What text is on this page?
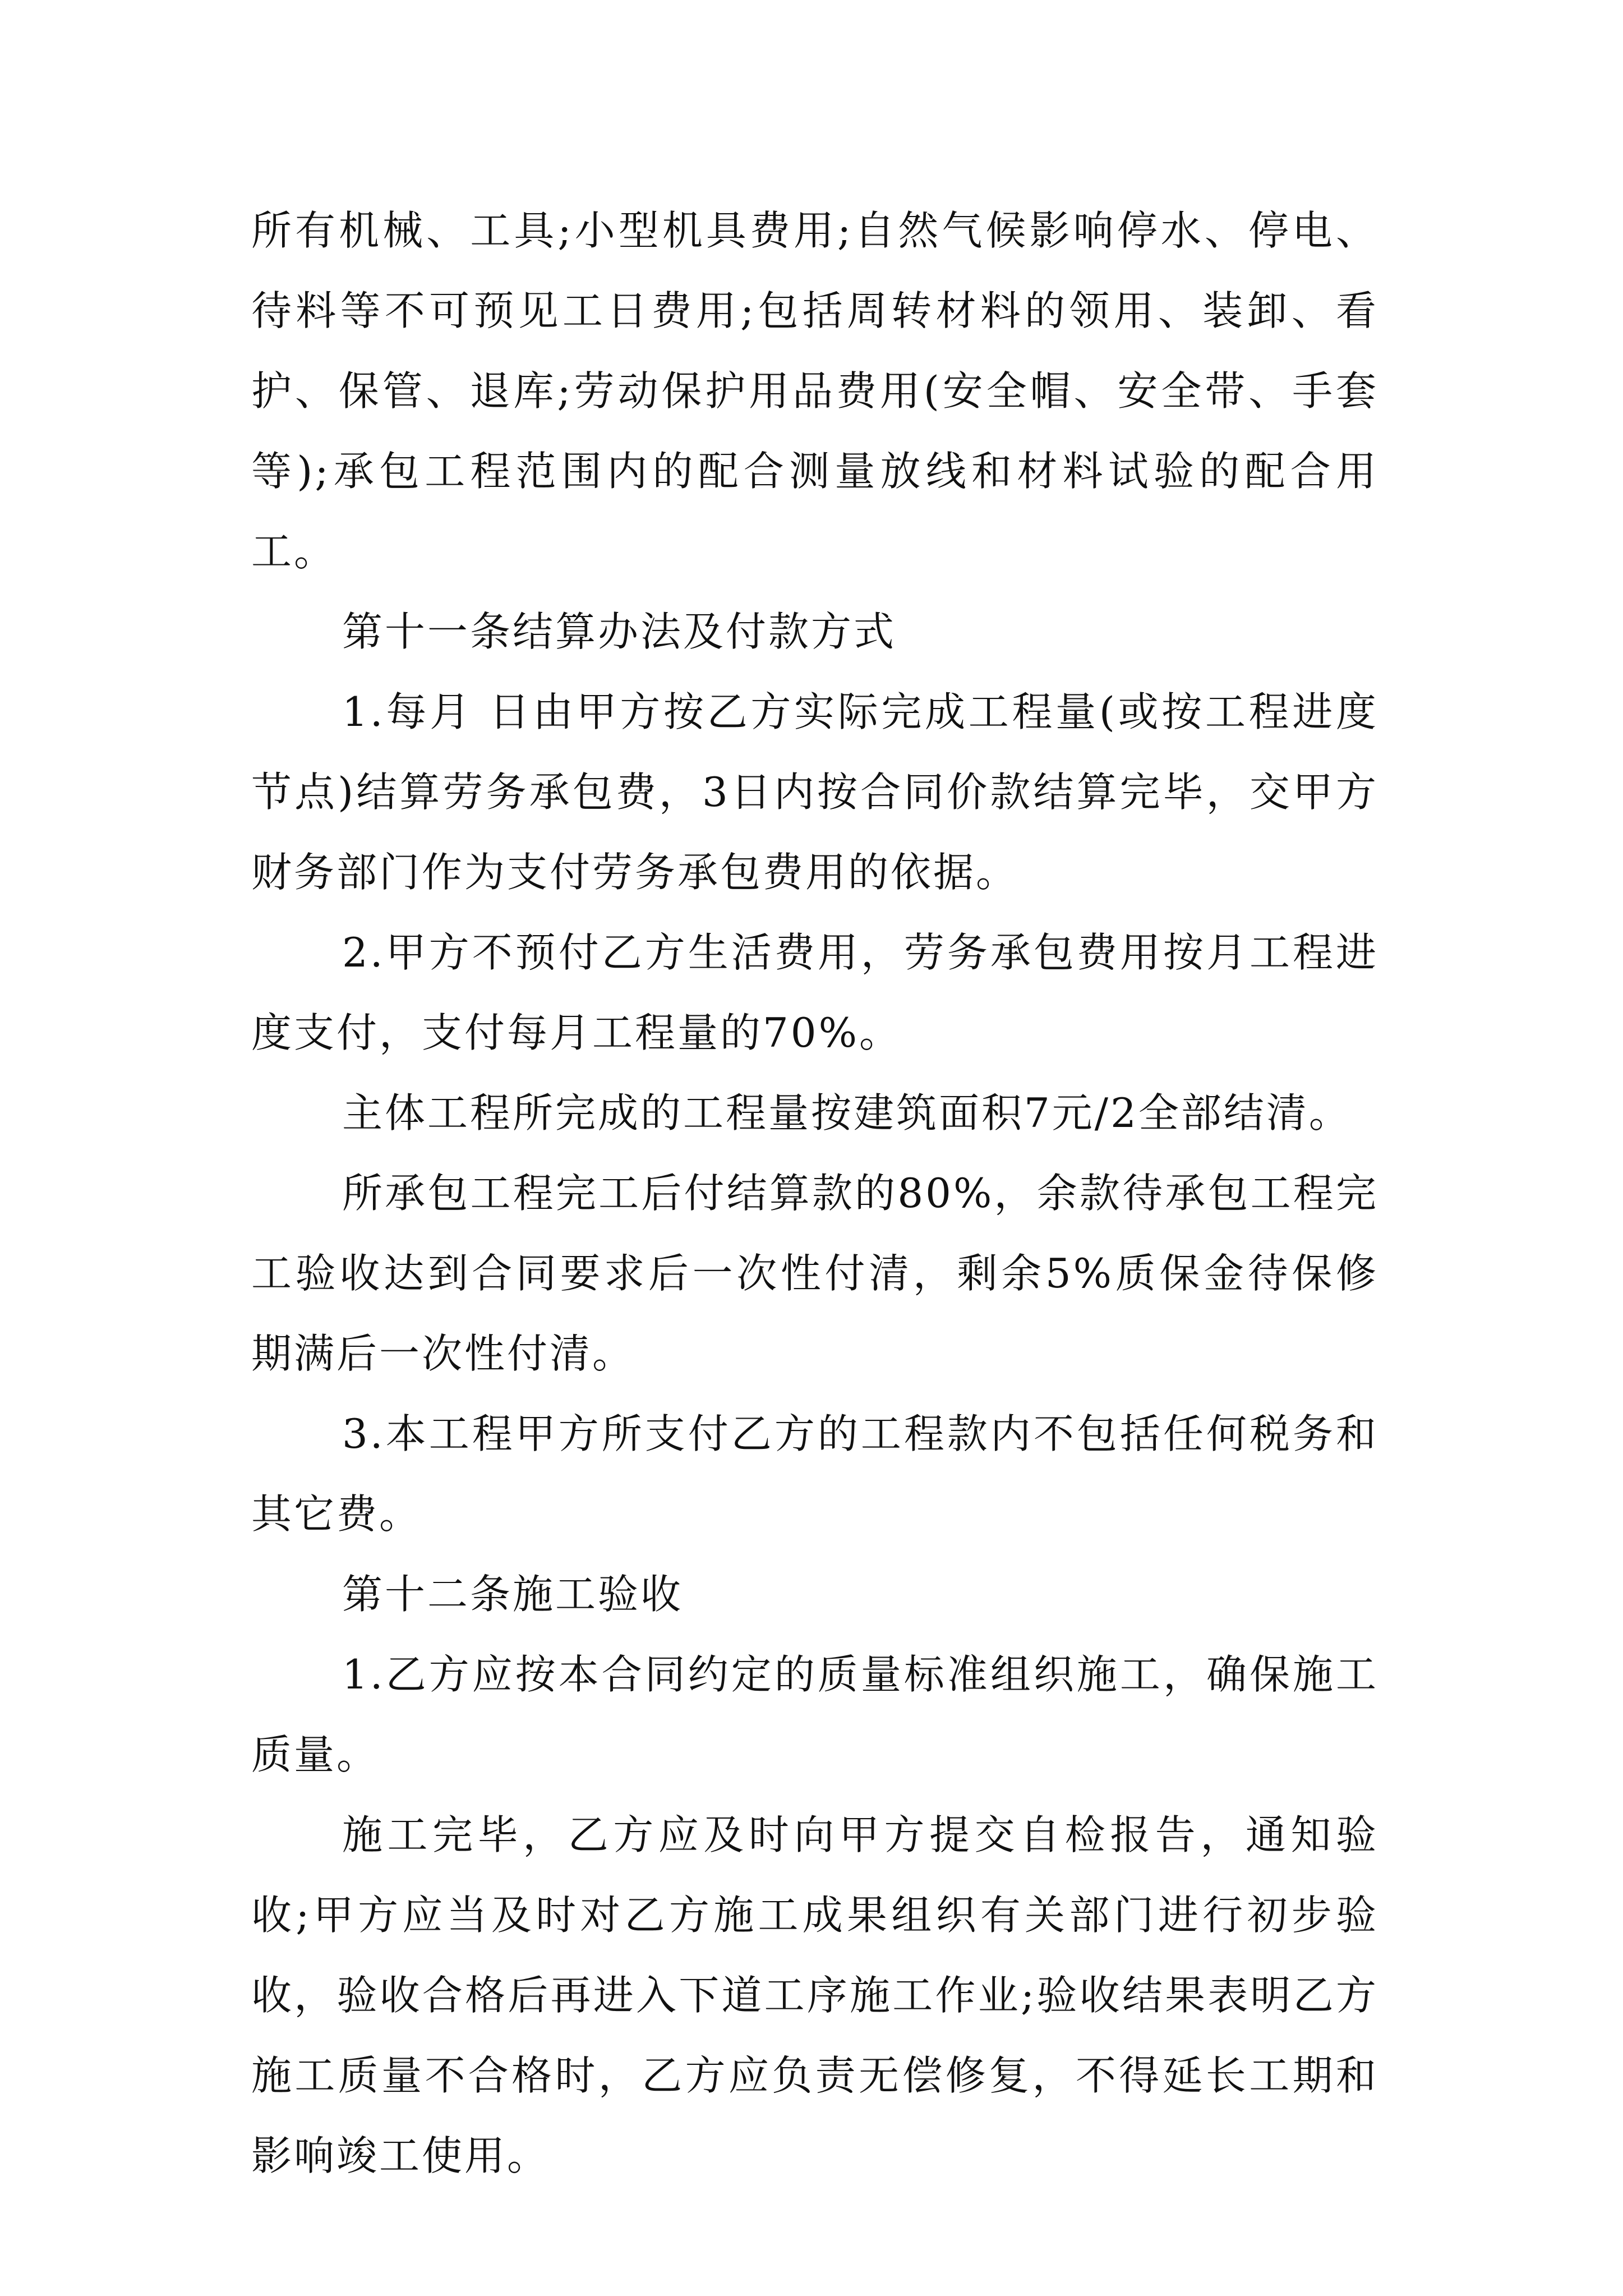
所有机械、工具;小型机具费用;自然气候影响停水、停电、待料等不可预见工日费用;包括周转材料的领用、装卸、看护、保管、退库;劳动保护用品费用(安全帽、安全带、手套等);承包工程范围内的配合测量放线和材料试验的配合用工。

第十一条结算办法及付款方式

1.每月 日由甲方按乙方实际完成工程量(或按工程进度节点)结算劳务承包费，3日内按合同价款结算完毕，交甲方财务部门作为支付劳务承包费用的依据。

2.甲方不预付乙方生活费用，劳务承包费用按月工程进度支付，支付每月工程量的70%。

主体工程所完成的工程量按建筑面积7元/2全部结清。

所承包工程完工后付结算款的80%，余款待承包工程完工验收达到合同要求后一次性付清，剩余5%质保金待保修期满后一次性付清。

3.本工程甲方所支付乙方的工程款内不包括任何税务和其它费。

第十二条施工验收

1.乙方应按本合同约定的质量标准组织施工，确保施工质量。

施工完毕，乙方应及时向甲方提交自检报告，通知验收;甲方应当及时对乙方施工成果组织有关部门进行初步验收，验收合格后再进入下道工序施工作业;验收结果表明乙方施工质量不合格时，乙方应负责无偿修复，不得延长工期和影响竣工使用。
